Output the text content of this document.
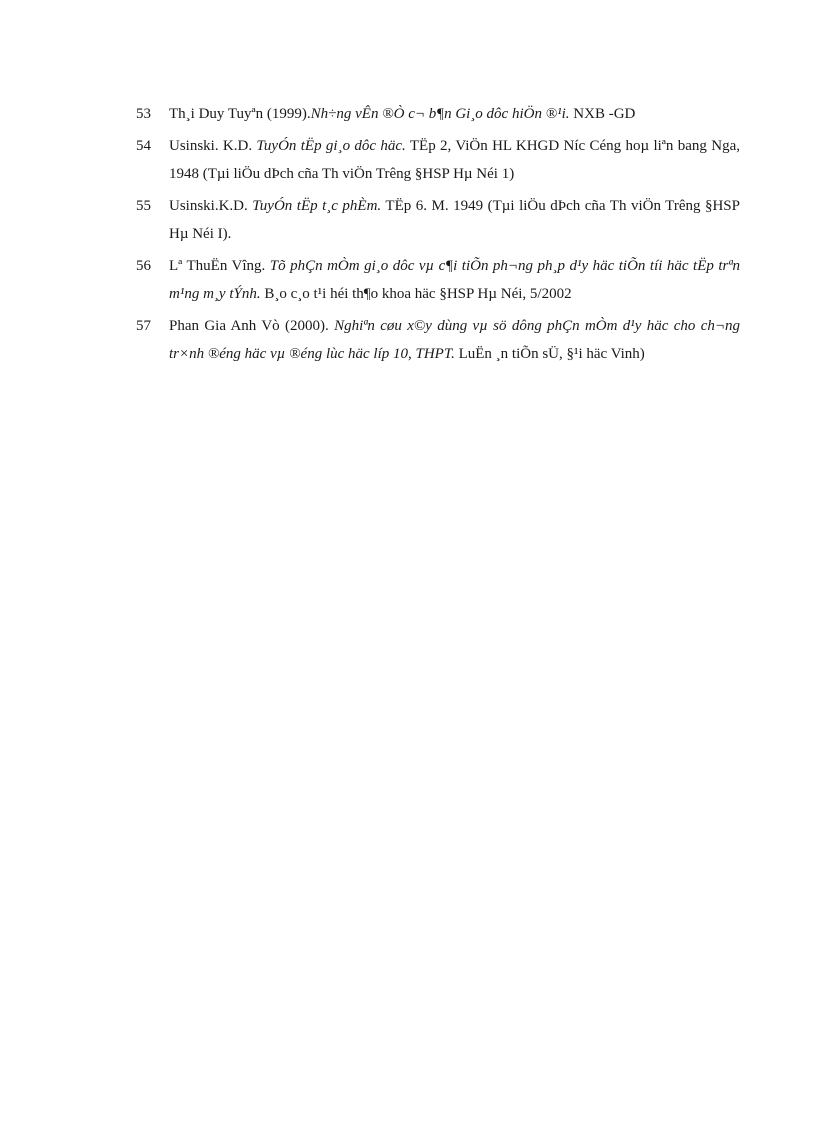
53	Th¸i Duy Tuyªn (1999).Nh÷ng vÊn ®Ò c¬ b¶n Gi¸o dôc hiÖn ®¹i. NXB -GD
54	Usinski. K.D. TuyÓn tËp gi¸o dôc häc. TËp 2, ViÖn HL KHGD Níc Céng hoµ liªn bang Nga, 1948 (Tµi liÖu dÞch cña Th viÖn Trêng §HSP Hµ Néi 1)
55	Usinski.K.D. TuyÓn tËp t¸c phÈm. TËp 6. M. 1949 (Tµi liÖu dÞch cña Th viÖn Trêng §HSP Hµ Néi I).
56	Lª ThuËn Vîng. Tõ phÇn mÒm gi¸o dôc vµ c¶i tiÕn ph¬ng ph¸p d¹y häc tiÕn tíi häc tËp trªn m¹ng m¸y tÝnh. B¸o c¸o t¹i héi th¶o khoa häc §HSP Hµ Néi, 5/2002
57	Phan Gia Anh Vò (2000). Nghiªn cøu x©y dùng vµ sö dông phÇn mÒm d¹y häc cho ch¬ng tr×nh ®éng häc vµ ®éng lùc häc líp 10, THPT. LuËn ¸n tiÕn sÜ, §¹i häc Vinh)
